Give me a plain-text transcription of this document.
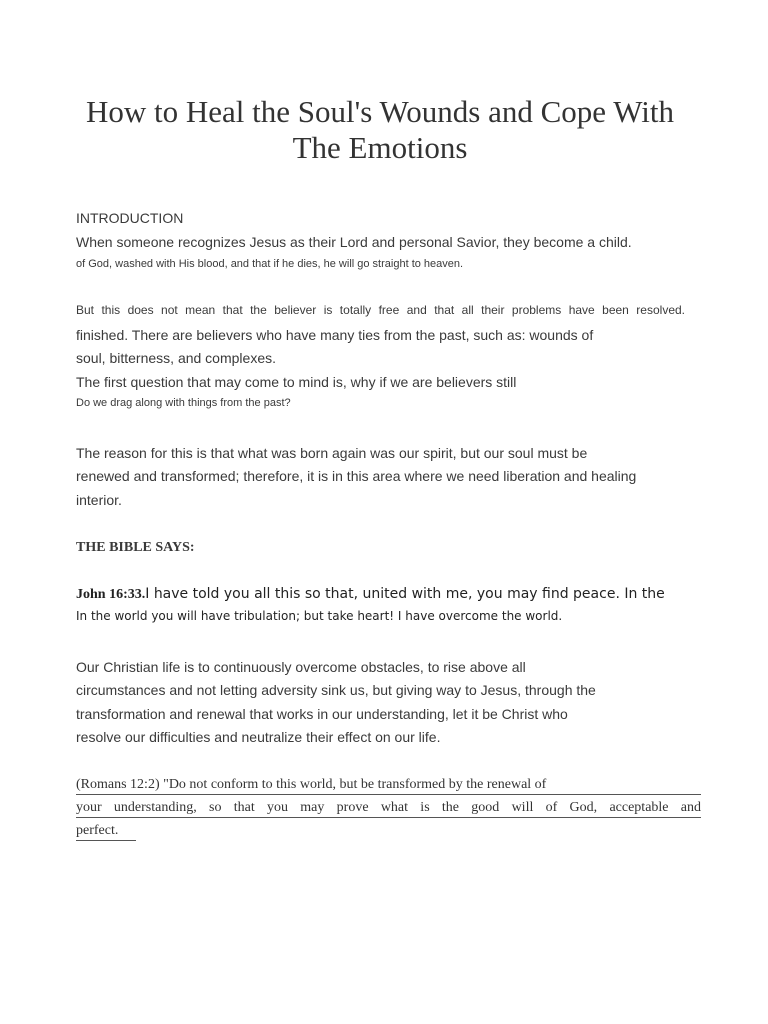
How to Heal the Soul's Wounds and Cope With The Emotions
INTRODUCTION
When someone recognizes Jesus as their Lord and personal Savior, they become a child.
of God, washed with His blood, and that if he dies, he will go straight to heaven.
But this does not mean that the believer is totally free and that all their problems have been resolved.
finished. There are believers who have many ties from the past, such as: wounds of
soul, bitterness, and complexes.
The first question that may come to mind is, why if we are believers still
Do we drag along with things from the past?
The reason for this is that what was born again was our spirit, but our soul must be
renewed and transformed; therefore, it is in this area where we need liberation and healing
interior.
THE BIBLE SAYS:
John 16:33.I have told you all this so that, united with me, you may find peace. In the
In the world you will have tribulation; but take heart! I have overcome the world.
Our Christian life is to continuously overcome obstacles, to rise above all
circumstances and not letting adversity sink us, but giving way to Jesus, through the
transformation and renewal that works in our understanding, let it be Christ who
resolve our difficulties and neutralize their effect on our life.
(Romans 12:2) "Do not conform to this world, but be transformed by the renewal of
your understanding, so that you may prove what is the good will of God, acceptable and
perfect.
